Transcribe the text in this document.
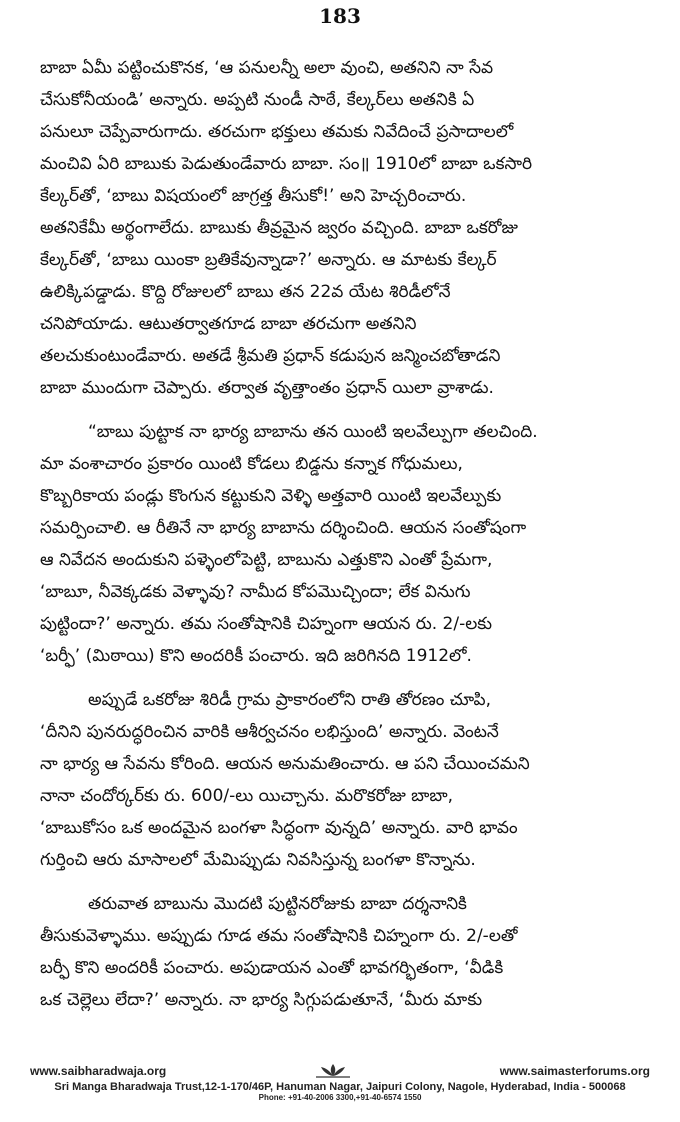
183
బాబా ఏమీ పట్టించుకొనక, ‘ఆ పనులన్నీ అలా వుంచి, అతనిని నా సేవ
చేసుకోనీయండి’ అన్నారు. అప్పటి నుండీ సాఠే, కేల్కర్‌లు అతనికి ఏ
పనులూ చెప్పేవారుగాదు. తరచుగా భక్తులు తమకు నివేదించే ప్రసాదాలలో
మంచివి ఏరి బాబుకు పెడుతుండేవారు బాబా. సం॥ 1910లో బాబా ఒకసారి
కేల్కర్‌తో, ‘బాబు విషయంలో జాగ్రత్త తీసుకో!’ అని హెచ్చరించారు.
అతనికేమీ అర్థంగాలేదు. బాబుకు తీవ్రమైన జ్వరం వచ్చింది. బాబా ఒకరోజు
కేల్కర్‌తో, ‘బాబు యింకా బ్రతికేవున్నాడా?’ అన్నారు. ఆ మాటకు కేల్కర్
ఉలిక్కిపడ్డాడు. కొద్ది రోజులలో బాబు తన 22వ యేట శిరిడీలోనే
చనిపోయాడు. ఆటుతర్వాతగూడ బాబా తరచుగా అతనిని
తలచుకుంటుండేవారు. అతడే శ్రీమతి ప్రధాన్ కడుపున జన్మించబోతాడని
బాబా ముందుగా చెప్పారు. తర్వాత వృత్తాంతం ప్రధాన్ యిలా వ్రాశాడు.
“బాబు పుట్టాక నా భార్య బాబాను తన యింటి ఇలవేల్పుగా తలచింది.
మా వంశాచారం ప్రకారం యింటి కోడలు బిడ్డను కన్నాక గోధుమలు,
కొబ్బరికాయ పండ్లు కొంగున కట్టుకుని వెళ్ళి అత్తవారి యింటి ఇలవేల్పుకు
సమర్పించాలి. ఆ రీతినే నా భార్య బాబాను దర్శించింది. ఆయన సంతోషంగా
ఆ నివేదన అందుకుని పళ్ళెంలోపెట్టి, బాబును ఎత్తుకొని ఎంతో ప్రేమగా,
‘బాబూ, నీవెక్కడకు వెళ్ళావు? నామీద కోపమొచ్చిందా; లేక వినుగు
పుట్టిందా?’ అన్నారు. తమ సంతోషానికి చిహ్నంగా ఆయన రు. 2/-లకు
‘బర్ఫీ’ (మిఠాయి) కొని అందరికీ పంచారు. ఇది జరిగినది 1912లో.
అప్పుడే ఒకరోజు శిరిడీ గ్రామ ప్రాకారంలోని రాతి తోరణం చూపి,
‘దీనిని పునరుద్ధరించిన వారికి ఆశీర్వచనం లభిస్తుంది’ అన్నారు. వెంటనే
నా భార్య ఆ సేవను కోరింది. ఆయన అనుమతించారు. ఆ పని చేయించమని
నానా చందోర్కర్‌కు రు. 600/-లు యిచ్చాను. మరొకరోజు బాబా,
‘బాబుకోసం ఒక అందమైన బంగళా సిద్ధంగా వున్నది’ అన్నారు. వారి భావం
గుర్తించి ఆరు మాసాలలో మేమిప్పుడు నివసిస్తున్న బంగళా కొన్నాను.
తరువాత బాబును మొదటి పుట్టినరోజుకు బాబా దర్శనానికి
తీసుకువెళ్ళాము. అప్పుడు గూడ తమ సంతోషానికి చిహ్నంగా రు. 2/-లతో
బర్ఫీ కొని అందరికీ పంచారు. అపుడాయన ఎంతో భావగర్భితంగా, ‘వీడికి
ఒక చెల్లెలు లేదా?’ అన్నారు. నా భార్య సిగ్గుపడుతూనే, ‘మీరు మాకు
www.saibharadwaja.org	www.saimasterforums.org
Sri Manga Bharadwaja Trust,12-1-170/46P, Hanuman Nagar, Jaipuri Colony, Nagole, Hyderabad, India - 500068
Phone: +91-40-2006 3300,+91-40-6574 1550
